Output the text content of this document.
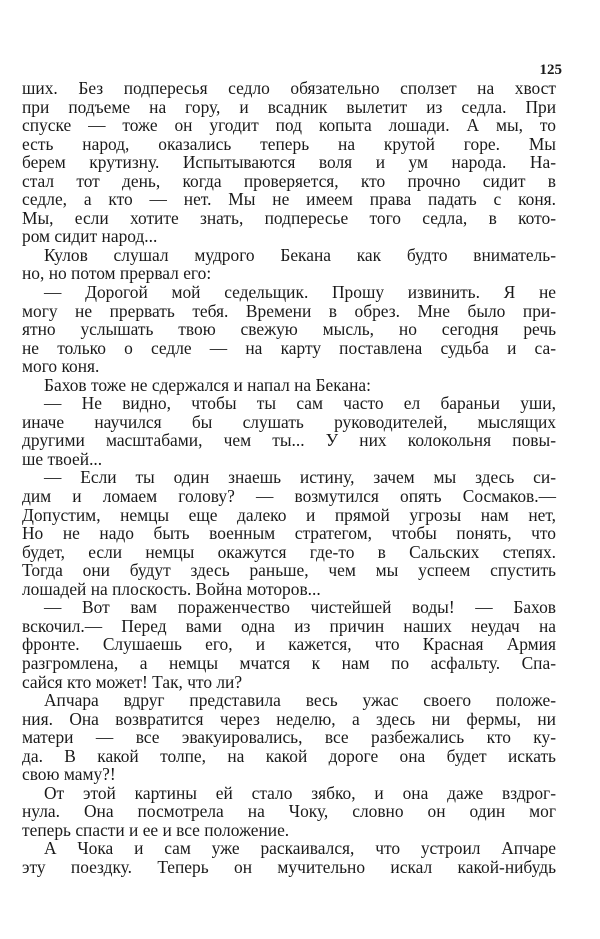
125
ших. Без подпересья седло обязательно сползет на хвост
при подъеме на гору, и всадник вылетит из седла. При
спуске — тоже он угодит под копыта лошади. А мы, то
есть народ, оказались теперь на крутой горе. Мы
берем крутизну. Испытываются воля и ум народа. На-
стал тот день, когда проверяется, кто прочно сидит в
седле, а кто — нет. Мы не имеем права падать с коня.
Мы, если хотите знать, подпересье того седла, в кото-
ром сидит народ...
Кулов слушал мудрого Бекана как будто вниматель-
но, но потом прервал его:
— Дорогой мой седельщик. Прошу извинить. Я не
могу не прервать тебя. Времени в обрез. Мне было при-
ятно услышать твою свежую мысль, но сегодня речь
не только о седле — на карту поставлена судьба и са-
мого коня.
Бахов тоже не сдержался и напал на Бекана:
— Не видно, чтобы ты сам часто ел бараньи уши,
иначе научился бы слушать руководителей, мыслящих
другими масштабами, чем ты... У них колокольня повы-
ше твоей...
— Если ты один знаешь истину, зачем мы здесь си-
дим и ломаем голову? — возмутился опять Сосмаков.—
Допустим, немцы еще далеко и прямой угрозы нам нет,
Но не надо быть военным стратегом, чтобы понять, что
будет, если немцы окажутся где-то в Сальских степях.
Тогда они будут здесь раньше, чем мы успеем спустить
лошадей на плоскость. Война моторов...
— Вот вам пораженчество чистейшей воды! — Бахов
вскочил.— Перед вами одна из причин наших неудач на
фронте. Слушаешь его, и кажется, что Красная Армия
разгромлена, а немцы мчатся к нам по асфальту. Спа-
сайся кто может! Так, что ли?
Апчара вдруг представила весь ужас своего положе-
ния. Она возвратится через неделю, а здесь ни фермы, ни
матери — все эвакуировались, все разбежались кто ку-
да. В какой толпе, на какой дороге она будет искать
свою маму?!
От этой картины ей стало зябко, и она даже вздрог-
нула. Она посмотрела на Чоку, словно он один мог
теперь спасти и ее и все положение.
А Чока и сам уже раскаивался, что устроил Апчаре
эту поездку. Теперь он мучительно искал какой-нибудь
